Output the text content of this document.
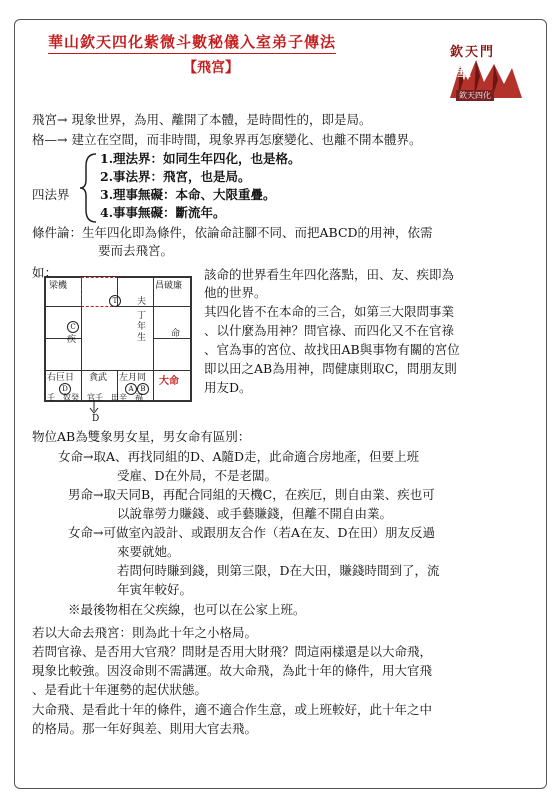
華山欽天四化紫微斗數秘儀入室弟子傳法
【飛宮】
欽天門
華
欽天四化
飛宮→ 現象世界，為用、離開了本體，是時間性的，即是局。
格—→ 建立在空間，而非時間，現象界再怎麼變化、也離不開本體界。
四法界
1.理法界：如同生年四化，也是格。
2.事法界：飛宮，也是局。
3.理事無礙：本命、大限重疊。
4.事事無礙：斷流年。
條件論：生年四化即為條件，依論命註腳不同、而把ABCD的用神，依需
要而去飛宮。
如：
梁機
T	夫
昌破廉
C
疾
丁年生	命
右巨日
D
貪武 左月同
A B
大命
壬　奴癸　官壬　田辛　福
D
該命的世界看生年四化落點，田、友、疾即為
他的世界。
其四化皆不在本命的三合，如第三大限問事業
、以什麼為用神？問官祿、而四化又不在官祿
、官為事的宮位、故找田AB與事物有關的宮位
即以田之AB為用神，問健康則取C，問朋友則
用友D。
物位AB為雙象男女星，男女命有區別：
女命→取A、再找同組的D、A隨D走，此命適合房地產，但要上班
受雇、D在外局，不是老闆。
男命→取天同B，再配合同組的天機C，在疾厄，則自由業、疾也可
以說靠勞力賺錢、或手藝賺錢，但離不開自由業。
女命→可做室內設計、或跟朋友合作（若A在友、D在田）朋友反過
來要就她。
若問何時賺到錢，則第三限，D在大田，賺錢時間到了，流
年寅年較好。
※最後物相在父疾線，也可以在公家上班。
若以大命去飛宮：則為此十年之小格局。
若問官祿、是否用大官飛？問財是否用大財飛？問這兩樣還是以大命飛，
現象比較強。因沒命則不需講運。故大命飛，為此十年的條件，用大官飛
、是看此十年運勢的起伏狀態。
大命飛、是看此十年的條件，適不適合作生意，或上班較好，此十年之中
的格局。那一年好與差、則用大官去飛。
